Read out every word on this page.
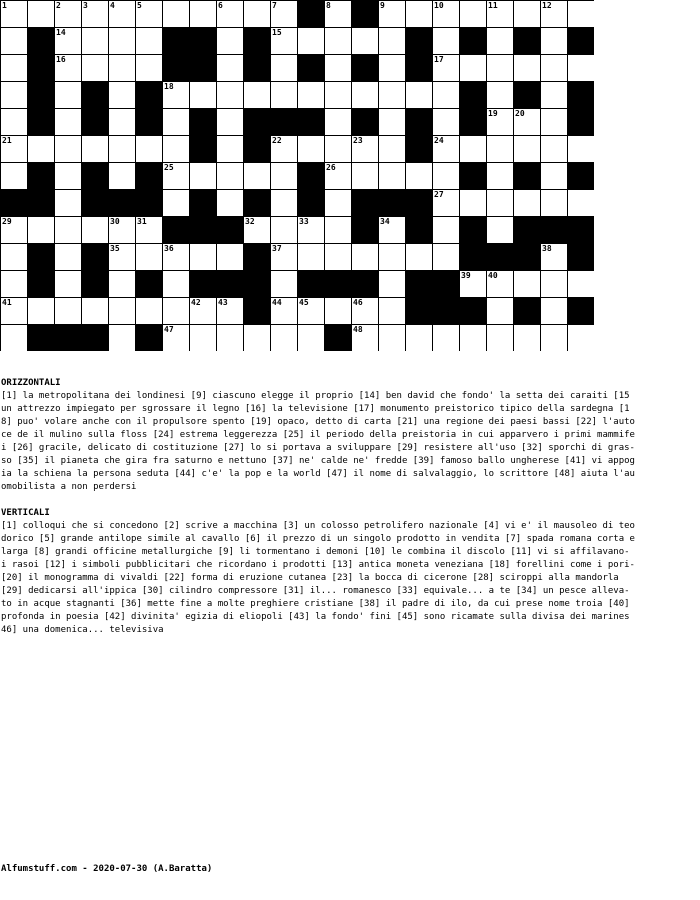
1	2	3	4	5	6	7	8	9	10	11	12
14	15
16	17
18
19 20
21	22	23	24
25	26
27
29	30 31	32	33	34
35	36	37	38
39 40
41	42 43	44 45	46
47	48
ORIZZONTALI
[1] la metropolitana dei londinesi [9] ciascuno elegge il proprio [14] ben david che fondo' la setta dei caraiti [15
un attrezzo impiegato per sgrossare il legno [16] la televisione [17] monumento preistorico tipico della sardegna [1
8] puo' volare anche con il propulsore spento [19] opaco, detto di carta [21] una regione dei paesi bassi [22] l'auto
ce de il mulino sulla floss [24] estrema leggerezza [25] il periodo della preistoria in cui apparvero i primi mammife
i [26] gracile, delicato di costituzione [27] lo si portava a sviluppare [29] resistere all'uso [32] sporchi di gras-
so [35] il pianeta che gira fra saturno e nettuno [37] ne' calde ne' fredde [39] famoso ballo ungherese [41] vi appog
ia la schiena la persona seduta [44] c'e' la pop e la world [47] il nome di salvalaggio, lo scrittore [48] aiuta l'au
omobilista a non perdersi
VERTICALI
[1] colloqui che si concedono [2] scrive a macchina [3] un colosso petrolifero nazionale [4] vi e' il mausoleo di teo
dorico [5] grande antilope simile al cavallo [6] il prezzo di un singolo prodotto in vendita [7] spada romana corta e
larga [8] grandi officine metallurgiche [9] li tormentano i demoni [10] le combina il discolo [11] vi si affilavano-
i rasoi [12] i simboli pubblicitari che ricordano i prodotti [13] antica moneta veneziana [18] forellini come i pori-
[20] il monogramma di vivaldi [22] forma di eruzione cutanea [23] la bocca di cicerone [28] sciroppi alla mandorla
[29] dedicarsi all'ippica [30] cilindro compressore [31] il... romanesco [33] equivale... a te [34] un pesce alleva-
to in acque stagnanti [36] mette fine a molte preghiere cristiane [38] il padre di ilo, da cui prese nome troia [40]
profonda in poesia [42] divinita' egizia di eliopoli [43] la fondo' fini [45] sono ricamate sulla divisa dei marines
46] una domenica... televisiva
Alfumstuff.com - 2020-07-30 (A.Baratta)
